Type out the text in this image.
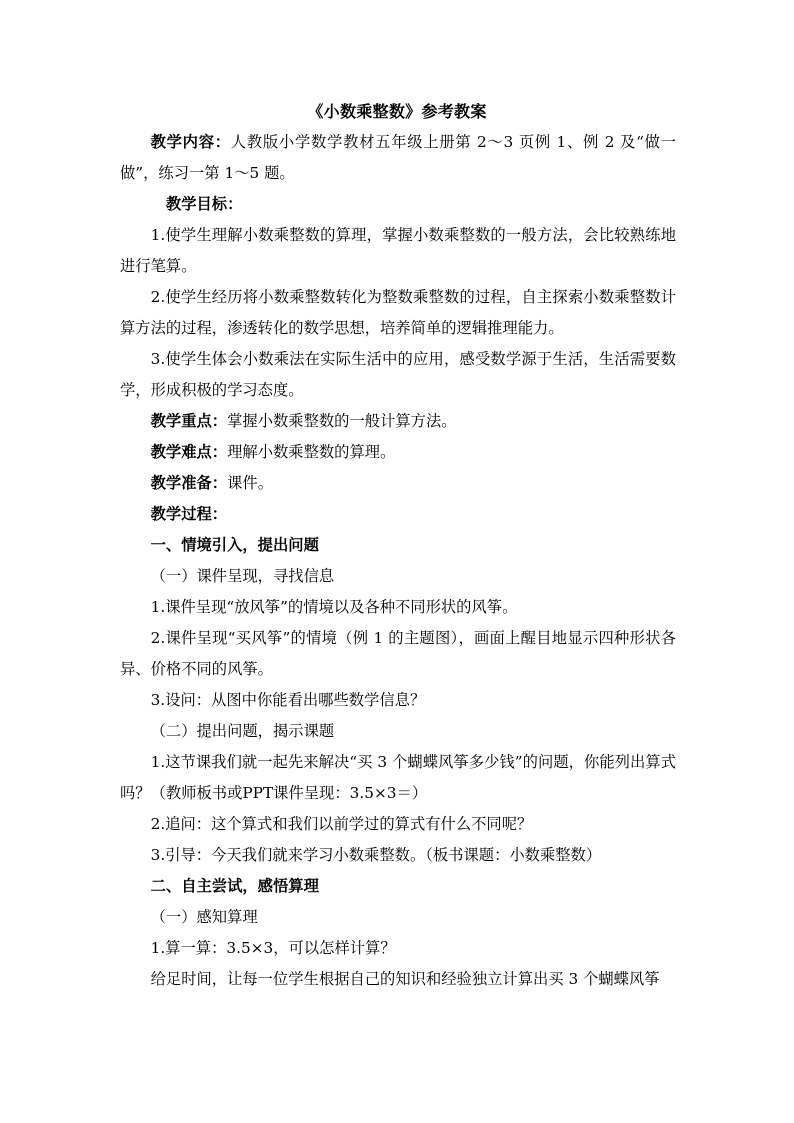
《小数乘整数》参考教案

教学内容：人教版小学数学教材五年级上册第 2～3 页例 1、例 2 及“做一做”，练习一第 1～5 题。

教学目标：

1.使学生理解小数乘整数的算理，掌握小数乘整数的一般方法，会比较熟练地进行笔算。

2.使学生经历将小数乘整数转化为整数乘整数的过程，自主探索小数乘整数计算方法的过程，渗透转化的数学思想，培养简单的逻辑推理能力。

3.使学生体会小数乘法在实际生活中的应用，感受数学源于生活，生活需要数学，形成积极的学习态度。

教学重点：掌握小数乘整数的一般计算方法。

教学难点：理解小数乘整数的算理。

教学准备：课件。

教学过程：

一、情境引入，提出问题

（一）课件呈现，寻找信息

1.课件呈现“放风筝”的情境以及各种不同形状的风筝。

2.课件呈现“买风筝”的情境（例 1 的主题图），画面上醒目地显示四种形状各异、价格不同的风筝。

3.设问：从图中你能看出哪些数学信息？

（二）提出问题，揭示课题

1.这节课我们就一起先来解决“买 3 个蝴蝶风筝多少钱”的问题，你能列出算式吗？（教师板书或PPT课件呈现：3.5×3＝）

2.追问：这个算式和我们以前学过的算式有什么不同呢？

3.引导：今天我们就来学习小数乘整数。（板书课题：小数乘整数）

二、自主尝试，感悟算理

（一）感知算理

1.算一算：3.5×3，可以怎样计算？

给足时间，让每一位学生根据自己的知识和经验独立计算出买 3 个蝴蝶风筝
